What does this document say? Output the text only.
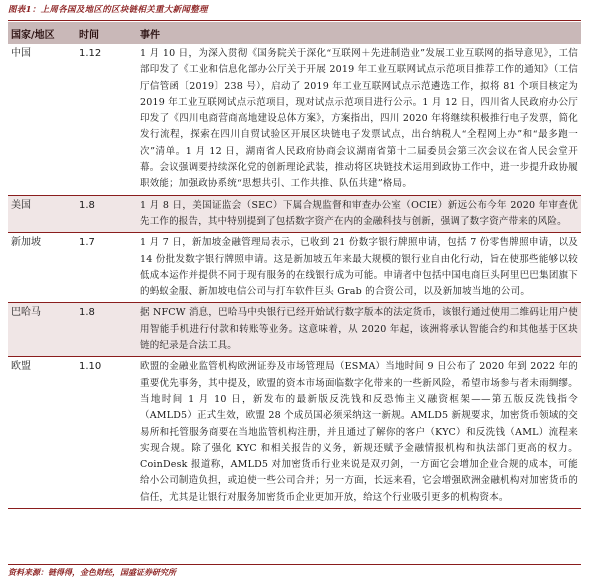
图表1：上周各国及地区的区块链相关重大新闻整理
国家/地区	时间	事件
中国	1.12	1 月 10 日，为深入贯彻《国务院关于深化“互联网＋先进制造业”发展工业互联网的指导意见》，工信部印发了《工业和信息化部办公厅关于开展 2019 年工业互联网试点示范项目推荐工作的通知》（工信厅信管函〔2019〕238 号），启动了 2019 年工业互联网试点示范遴选工作，拟将 81 个项目核定为 2019 年工业互联网试点示范项目，现对试点示范项目进行公示。1 月 12 日，四川省人民政府办公厅印发了《四川电商营商高地建设总体方案》，方案指出，四川 2020 年将继续积极推行电子发票，简化发行流程，探索在四川自贸试验区开展区块链电子发票试点，出台纳税人“全程网上办”和“最多跑一次”清单。1 月 12 日，湖南省人民政府协商会议湖南省第十二届委员会第三次会议在省人民会堂开幕。会议强调要持续深化党的创新理论武装，推动将区块链技术运用到政协工作中，进一步提升政协履职效能；加强政协系统“思想共引、工作共推、队伍共建”格局。
美国	1.8	1 月 8 日，美国证监会（SEC）下属合规监督和审查办公室（OCIE）新远公布今年 2020 年审查优先工作的报告，其中特别提到了包括数字资产在内的金融科技与创新，强调了数字资产带来的风险。
新加坡	1.7	1 月 7 日，新加坡金融管理局表示，已收到 21 份数字银行牌照申请，包括 7 份零售牌照申请，以及 14 份批发数字银行牌照申请。这是新加坡五年来最大规模的银行业自由化行动，旨在使那些能够以较低成本运作并提供不同于现有服务的在线银行成为可能。申请者中包括中国电商巨头阿里巴巴集团旗下的蚂蚁金服、新加坡电信公司与打车软件巨头 Grab 的合资公司，以及新加坡当地的公司。
巴哈马	1.8	据 NFCW 消息，巴哈马中央银行已经开始试行数字版本的法定货币，该银行通过使用二维码让用户使用智能手机进行付款和转账等业务。这意味着，从 2020 年起，该洲将承认智能合约和其他基于区块链的纪录是合法工具。
欧盟	1.10	欧盟的金融业监管机构欧洲证券及市场管理局（ESMA）当地时间 9 日公布了 2020 年到 2022 年的重要优先事务，其中提及，欧盟的资本市场面临数字化带来的一些新风险，希望市场参与者未雨绸缪。当地时间 1 月 10 日，新发布的最新版反洗钱和反恐怖主义融资框架——第五版反洗钱指令（AMLD5）正式生效，欧盟 28 个成员国必须采纳这一新规。AMLD5 新规要求，加密货币领域的交易所和托管服务商要在当地监管机构注册，并且通过了解你的客户（KYC）和反洗钱（AML）流程来实现合规。除了强化 KYC 和相关报告的义务，新规还赋予金融情报机构和执法部门更高的权力。CoinDesk 报道称，AMLD5 对加密货币行业来说是双刃剑，一方面它会增加企业合规的成本，可能给小公司制造负担，或迫使一些公司合并；另一方面，长远来看，它会增强欧洲金融机构对加密货币的信任，尤其是让银行对服务加密货币企业更加开放，给这个行业吸引更多的机构资本。
资料来源：链得得，金色财经，国盛证券研究所
